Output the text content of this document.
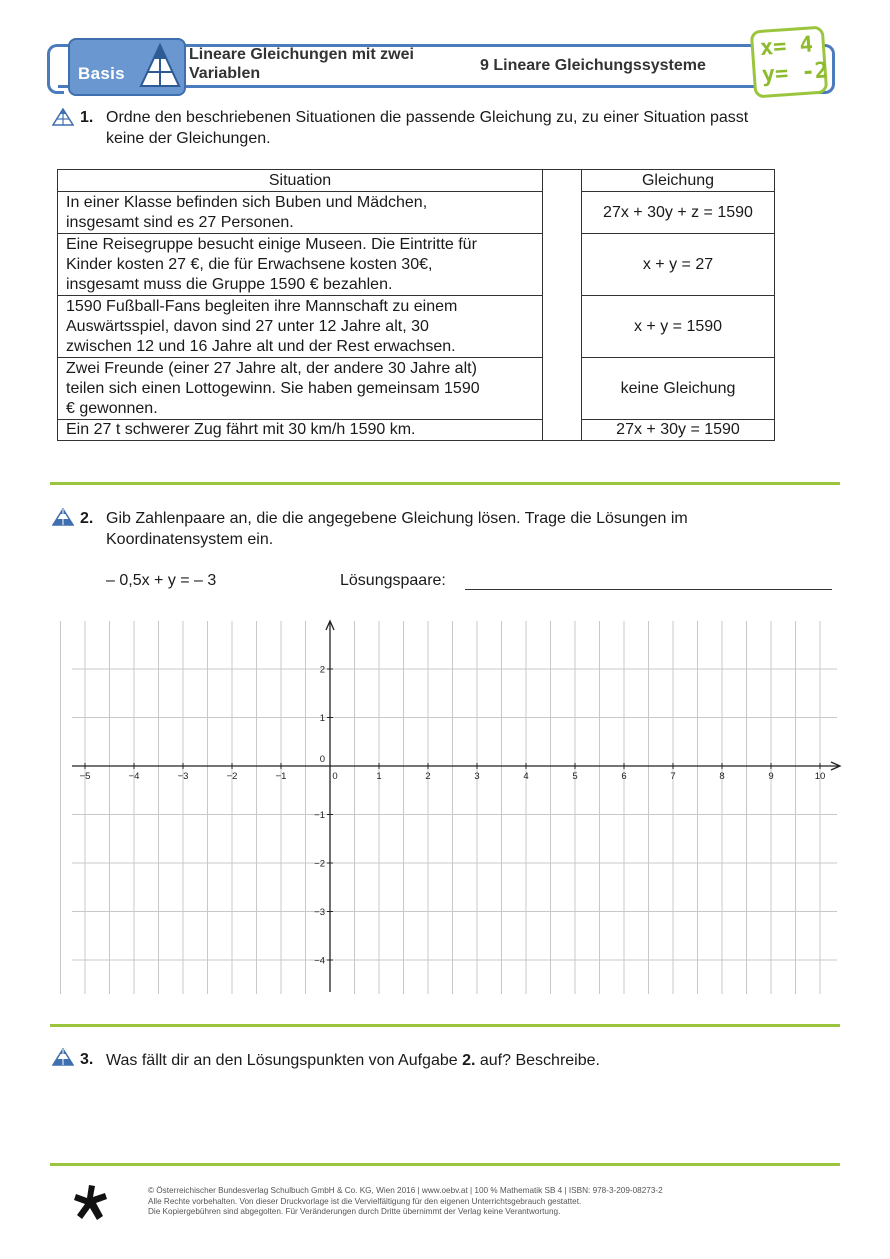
Basis
Lineare Gleichungen mit zwei
Variablen	9 Lineare Gleichungssysteme
x= 4
y= -2
1. Ordne den beschriebenen Situationen die passende Gleichung zu, zu einer Situation passt
keine der Gleichungen.
Situation		Gleichung

In einer Klasse befinden sich Buben und Mädchen,
insgesamt sind es 27 Personen.		27x + 30y + z = 1590

Eine Reisegruppe besucht einige Museen. Die Eintritte für
Kinder kosten 27 €, die für Erwachsene kosten 30€,
insgesamt muss die Gruppe 1590 € bezahlen.		x + y = 27

1590 Fußball-Fans begleiten ihre Mannschaft zu einem
Auswärtsspiel, davon sind 27 unter 12 Jahre alt, 30
zwischen 12 und 16 Jahre alt und der Rest erwachsen.		x + y = 1590

Zwei Freunde (einer 27 Jahre alt, der andere 30 Jahre alt)
teilen sich einen Lottogewinn. Sie haben gemeinsam 1590
€ gewonnen.		keine Gleichung

Ein 27 t schwerer Zug fährt mit 30 km/h 1590 km.		27x + 30y = 1590
2. Gib Zahlenpaare an, die die angegebene Gleichung lösen. Trage die Lösungen im
Koordinatensystem ein.
– 0,5x + y = – 3	Lösungspaare:
−5	−4	−3	−2	−1	0	1	2	3	4	5	6	7	8	9	10
2
1
0
−1
−2
−3
−4
3. Was fällt dir an den Lösungspunkten von Aufgabe 2. auf? Beschreibe.
© Österreichischer Bundesverlag Schulbuch GmbH & Co. KG, Wien 2016 | www.oebv.at | 100 % Mathematik SB 4 | ISBN: 978-3-209-08273-2
Alle Rechte vorbehalten. Von dieser Druckvorlage ist die Vervielfältigung für den eigenen Unterrichtsgebrauch gestattet.
Die Kopiergebühren sind abgegolten. Für Veränderungen durch Dritte übernimmt der Verlag keine Verantwortung.
